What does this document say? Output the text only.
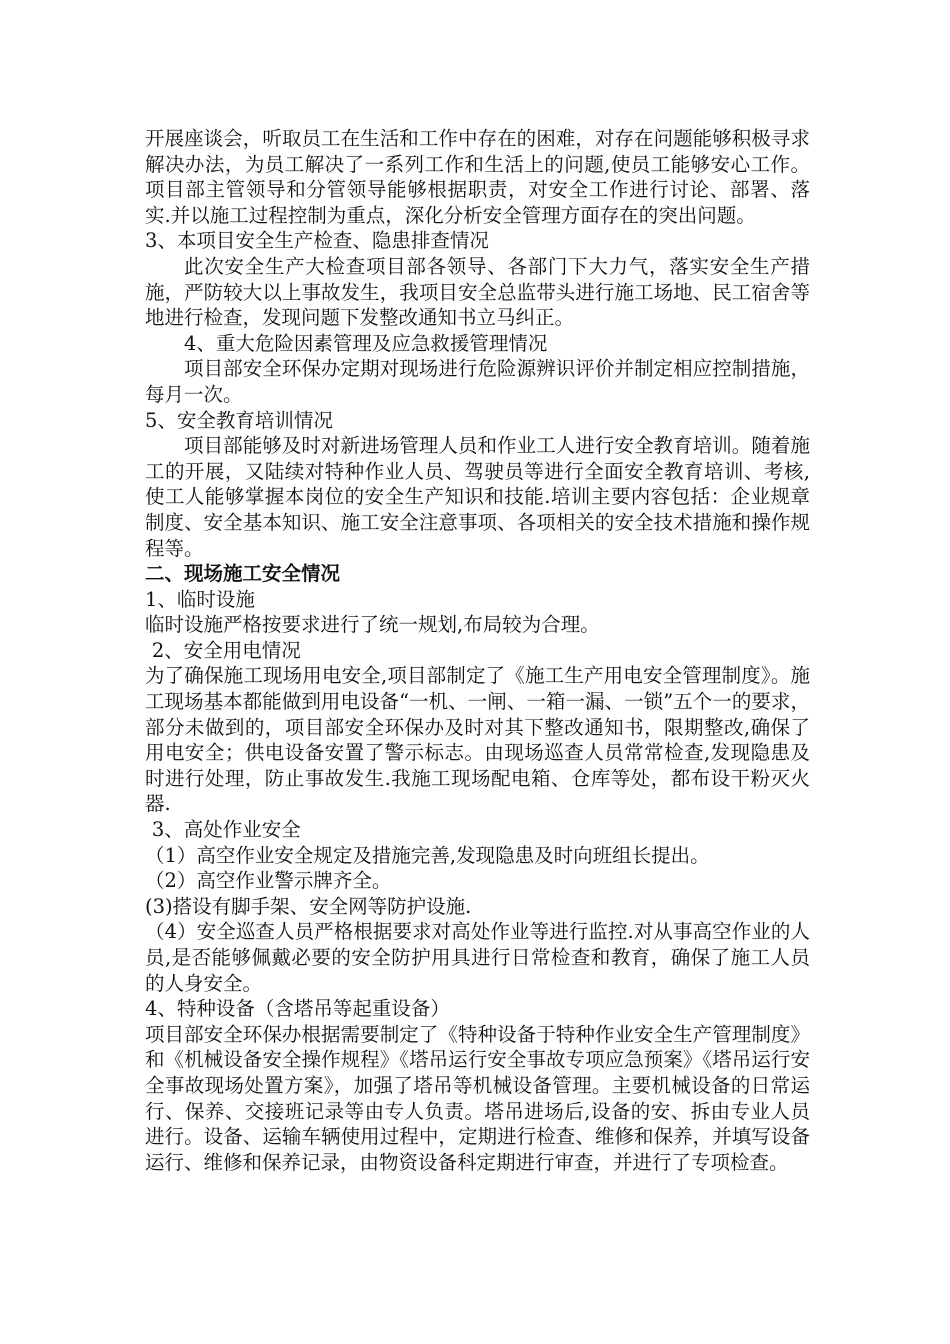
开展座谈会，听取员工在生活和工作中存在的困难，对存在问题能够积极寻求解决办法，为员工解决了一系列工作和生活上的问题,使员工能够安心工作。项目部主管领导和分管领导能够根据职责，对安全工作进行讨论、部署、落实.并以施工过程控制为重点，深化分析安全管理方面存在的突出问题。

3、本项目安全生产检查、隐患排查情况

此次安全生产大检查项目部各领导、各部门下大力气，落实安全生产措施，严防较大以上事故发生，我项目安全总监带头进行施工场地、民工宿舍等地进行检查，发现问题下发整改通知书立马纠正。

4、重大危险因素管理及应急救援管理情况

项目部安全环保办定期对现场进行危险源辨识评价并制定相应控制措施，每月一次。

5、安全教育培训情况

项目部能够及时对新进场管理人员和作业工人进行安全教育培训。随着施工的开展，又陆续对特种作业人员、驾驶员等进行全面安全教育培训、考核,使工人能够掌握本岗位的安全生产知识和技能.培训主要内容包括：企业规章制度、安全基本知识、施工安全注意事项、各项相关的安全技术措施和操作规程等。

二、现场施工安全情况

1、临时设施

临时设施严格按要求进行了统一规划,布局较为合理。

2、安全用电情况

为了确保施工现场用电安全,项目部制定了《施工生产用电安全管理制度》。施工现场基本都能做到用电设备“一机、一闸、一箱一漏、一锁”五个一的要求，部分未做到的，项目部安全环保办及时对其下整改通知书，限期整改,确保了用电安全；供电设备安置了警示标志。由现场巡查人员常常检查,发现隐患及时进行处理，防止事故发生.我施工现场配电箱、仓库等处，都布设干粉灭火器.

3、高处作业安全

（1）高空作业安全规定及措施完善,发现隐患及时向班组长提出。

（2）高空作业警示牌齐全。

(3)搭设有脚手架、安全网等防护设施.

（4）安全巡查人员严格根据要求对高处作业等进行监控.对从事高空作业的人员,是否能够佩戴必要的安全防护用具进行日常检查和教育，确保了施工人员的人身安全。

4、特种设备（含塔吊等起重设备）

项目部安全环保办根据需要制定了《特种设备于特种作业安全生产管理制度》和《机械设备安全操作规程》《塔吊运行安全事故专项应急预案》《塔吊运行安全事故现场处置方案》，加强了塔吊等机械设备管理。主要机械设备的日常运行、保养、交接班记录等由专人负责。塔吊进场后,设备的安、拆由专业人员进行。设备、运输车辆使用过程中，定期进行检查、维修和保养，并填写设备运行、维修和保养记录，由物资设备科定期进行审查，并进行了专项检查。
